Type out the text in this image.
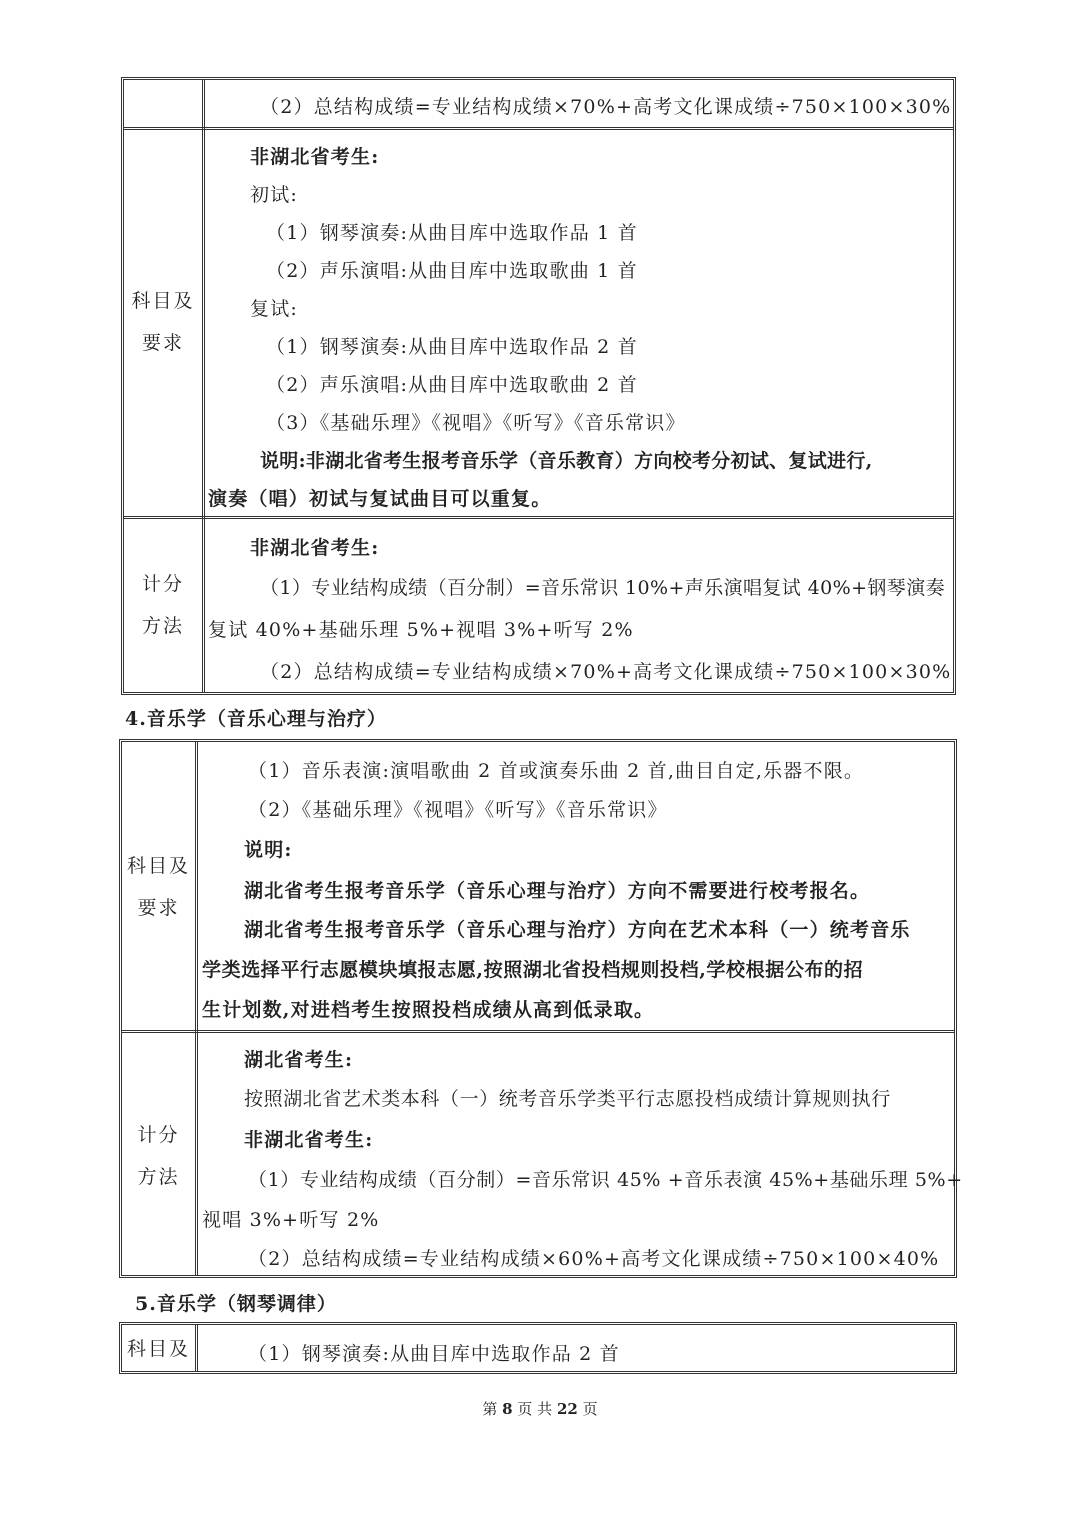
（2）总结构成绩=专业结构成绩×70%+高考文化课成绩÷750×100×30%
科目及
要求
非湖北省考生:
初试:
（1）钢琴演奏:从曲目库中选取作品 1 首
（2）声乐演唱:从曲目库中选取歌曲 1 首
复试:
（1）钢琴演奏:从曲目库中选取作品 2 首
（2）声乐演唱:从曲目库中选取歌曲 2 首
（3）《基础乐理》《视唱》《听写》《音乐常识》
说明:非湖北省考生报考音乐学（音乐教育）方向校考分初试、复试进行,
演奏（唱）初试与复试曲目可以重复。
计分
方法
非湖北省考生:
（1）专业结构成绩（百分制）=音乐常识 10%+声乐演唱复试 40%+钢琴演奏
复试 40%+基础乐理 5%+视唱 3%+听写 2%
（2）总结构成绩=专业结构成绩×70%+高考文化课成绩÷750×100×30%
4.音乐学（音乐心理与治疗）
科目及
要求
（1）音乐表演:演唱歌曲 2 首或演奏乐曲 2 首,曲目自定,乐器不限。
（2）《基础乐理》《视唱》《听写》《音乐常识》
说明:
湖北省考生报考音乐学（音乐心理与治疗）方向不需要进行校考报名。
湖北省考生报考音乐学（音乐心理与治疗）方向在艺术本科（一）统考音乐
学类选择平行志愿模块填报志愿,按照湖北省投档规则投档,学校根据公布的招
生计划数,对进档考生按照投档成绩从高到低录取。
计分
方法
湖北省考生:
按照湖北省艺术类本科（一）统考音乐学类平行志愿投档成绩计算规则执行
非湖北省考生:
（1）专业结构成绩（百分制）=音乐常识 45% +音乐表演 45%+基础乐理 5%+
视唱 3%+听写 2%
（2）总结构成绩=专业结构成绩×60%+高考文化课成绩÷750×100×40%
5.音乐学（钢琴调律）
科目及	（1）钢琴演奏:从曲目库中选取作品 2 首
第 8 页 共 22 页
